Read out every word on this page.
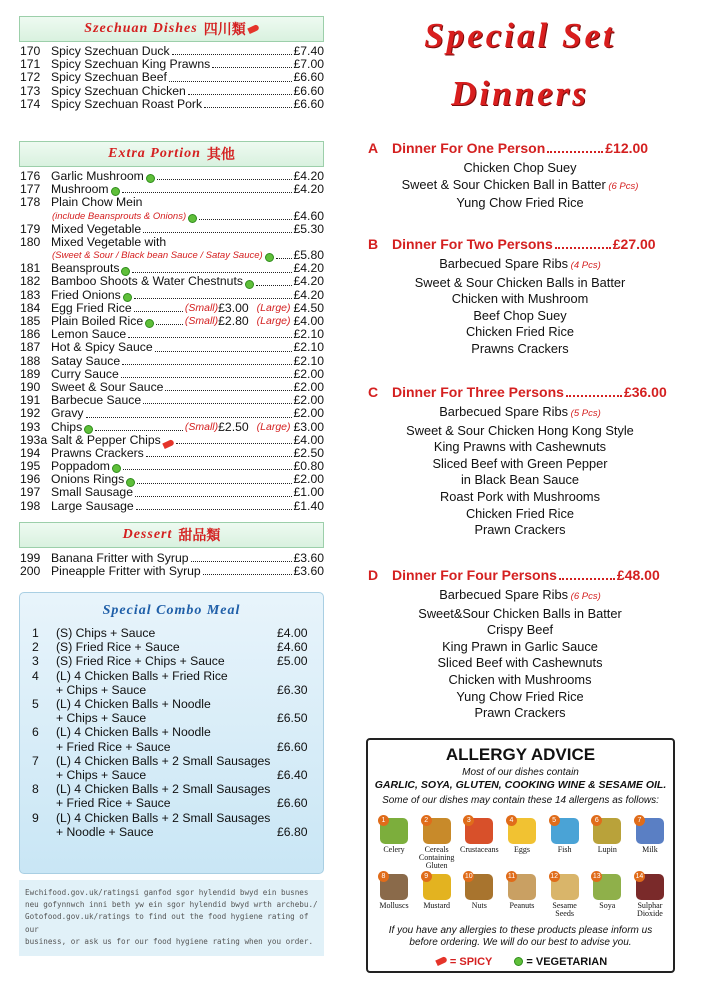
Szechuan Dishes 四川類
170 Spicy Szechuan Duck	£7.40
171 Spicy Szechuan King Prawns	£7.00
172 Spicy Szechuan Beef	£6.60
173 Spicy Szechuan Chicken	£6.60
174 Spicy Szechuan Roast Pork	£6.60
Extra Portion 其他
176 Garlic Mushroom	£4.20
177 Mushroom	£4.20
178 Plain Chow Mein
(include Beansprouts & Onions)	£4.60
179 Mixed Vegetable	£5.30
180 Mixed Vegetable with
(Sweet & Sour / Black bean Sauce / Satay Sauce)	£5.80
181 Beansprouts	£4.20
182 Bamboo Shoots & Water Chestnuts	£4.20
183 Fried Onions	£4.20
184 Egg Fried Rice	(Small) £3.00 (Large) £4.50
185 Plain Boiled Rice	(Small) £2.80 (Large) £4.00
186 Lemon Sauce	£2.10
187 Hot & Spicy Sauce	£2.10
188 Satay Sauce	£2.10
189 Curry Sauce	£2.00
190 Sweet & Sour Sauce	£2.00
191 Barbecue Sauce	£2.00
192 Gravy	£2.00
193 Chips	(Small) £2.50 (Large) £3.00
193a Salt & Pepper Chips	£4.00
194 Prawns Crackers	£2.50
195 Poppadom	£0.80
196 Onions Rings	£2.00
197 Small Sausage	£1.00
198 Large Sausage	£1.40
Dessert 甜品類
199 Banana Fritter with Syrup	£3.60
200 Pineapple Fritter with Syrup	£3.60
Special Combo Meal
1	(S) Chips + Sauce	£4.00
2	(S) Fried Rice + Sauce	£4.60
3	(S) Fried Rice + Chips + Sauce	£5.00
4	(L) 4 Chicken Balls + Fried Rice
+ Chips + Sauce	£6.30
5	(L) 4 Chicken Balls + Noodle
+ Chips + Sauce	£6.50
6	(L) 4 Chicken Balls + Noodle
+ Fried Rice + Sauce	£6.60
7	(L) 4 Chicken Balls + 2 Small Sausages
+ Chips + Sauce	£6.40
8	(L) 4 Chicken Balls + 2 Small Sausages
+ Fried Rice + Sauce	£6.60
9	(L) 4 Chicken Balls + 2 Small Sausages
+ Noodle + Sauce	£6.80
Ewchifood.gov.uk/ratingsi ganfod sgor hylendid bwyd ein busnes
neu gofynnwch inni beth yw ein sgor hylendid bwyd wrth archebu./
Gotofood.gov.uk/ratings to find out the food hygiene rating of our
business, or ask us for our food hygiene rating when you order.
Special Set
Dinners
A Dinner For One Person	£12.00
Chicken Chop Suey
Sweet & Sour Chicken Ball in Batter (6 Pcs)
Yung Chow Fried Rice
B Dinner For Two Persons	£27.00
Barbecued Spare Ribs (4 Pcs)
Sweet & Sour Chicken Balls in Batter
Chicken with Mushroom
Beef Chop Suey
Chicken Fried Rice
Prawns Crackers
C Dinner For Three Persons	£36.00
Barbecued Spare Ribs (5 Pcs)
Sweet & Sour Chicken Hong Kong Style
King Prawns with Cashewnuts
Sliced Beef with Green Pepper
in Black Bean Sauce
Roast Pork with Mushrooms
Chicken Fried Rice
Prawn Crackers
D Dinner For Four Persons	£48.00
Barbecued Spare Ribs (6 Pcs)
Sweet&Sour Chicken Balls in Batter
Crispy Beef
King Prawn in Garlic Sauce
Sliced Beef with Cashewnuts
Chicken with Mushrooms
Yung Chow Fried Rice
Prawn Crackers
ALLERGY ADVICE
Most of our dishes contain
GARLIC, SOYA, GLUTEN, COOKING WINE & SESAME OIL.
Some of our dishes may contain these 14 allergens as follows:
1
Celery
2
Cereals Containing Gluten
3
Crustaceans
4
Eggs
5
Fish
6
Lupin
7
Milk
8
Molluscs
9
Mustard
10
Nuts
11
Peanuts
12
Sesame Seeds
13
Soya
14
Sulphar Dioxide
If you have any allergies to these products please inform us
before ordering. We will do our best to advise you.
= SPICY	= VEGETARIAN
